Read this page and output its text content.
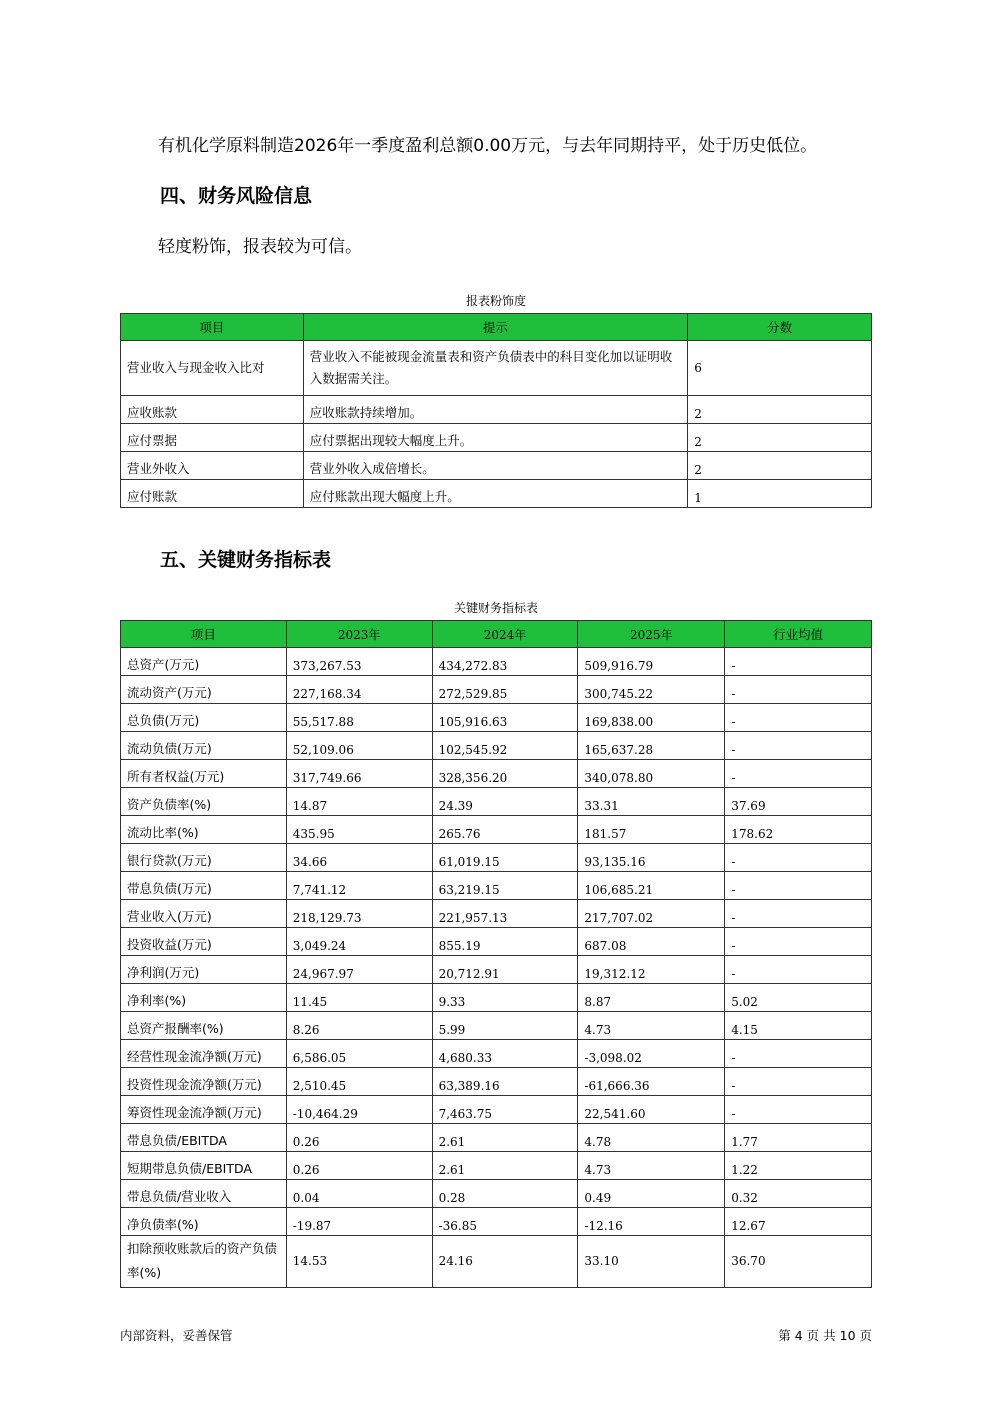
有机化学原料制造2026年一季度盈利总额0.00万元，与去年同期持平，处于历史低位。
四、财务风险信息
轻度粉饰，报表较为可信。
报表粉饰度
项目	提示	分数
营业收入与现金收入比对	营业收入不能被现金流量表和资产负债表中的科目变化加以证明收入数据需关注。	6
应收账款	应收账款持续增加。	2
应付票据	应付票据出现较大幅度上升。	2
营业外收入	营业外收入成倍增长。	2
应付账款	应付账款出现大幅度上升。	1
五、关键财务指标表
关键财务指标表
项目	2023年	2024年	2025年	行业均值
总资产(万元)	373,267.53	434,272.83	509,916.79	-
流动资产(万元)	227,168.34	272,529.85	300,745.22	-
总负债(万元)	55,517.88	105,916.63	169,838.00	-
流动负债(万元)	52,109.06	102,545.92	165,637.28	-
所有者权益(万元)	317,749.66	328,356.20	340,078.80	-
资产负债率(%)	14.87	24.39	33.31	37.69
流动比率(%)	435.95	265.76	181.57	178.62
银行贷款(万元)	34.66	61,019.15	93,135.16	-
带息负债(万元)	7,741.12	63,219.15	106,685.21	-
营业收入(万元)	218,129.73	221,957.13	217,707.02	-
投资收益(万元)	3,049.24	855.19	687.08	-
净利润(万元)	24,967.97	20,712.91	19,312.12	-
净利率(%)	11.45	9.33	8.87	5.02
总资产报酬率(%)	8.26	5.99	4.73	4.15
经营性现金流净额(万元)	6,586.05	4,680.33	-3,098.02	-
投资性现金流净额(万元)	2,510.45	63,389.16	-61,666.36	-
筹资性现金流净额(万元)	-10,464.29	7,463.75	22,541.60	-
带息负债/EBITDA	0.26	2.61	4.78	1.77
短期带息负债/EBITDA	0.26	2.61	4.73	1.22
带息负债/营业收入	0.04	0.28	0.49	0.32
净负债率(%)	-19.87	-36.85	-12.16	12.67
扣除预收账款后的资产负债率(%)	14.53	24.16	33.10	36.70
内部资料，妥善保管	第 4 页 共 10 页
